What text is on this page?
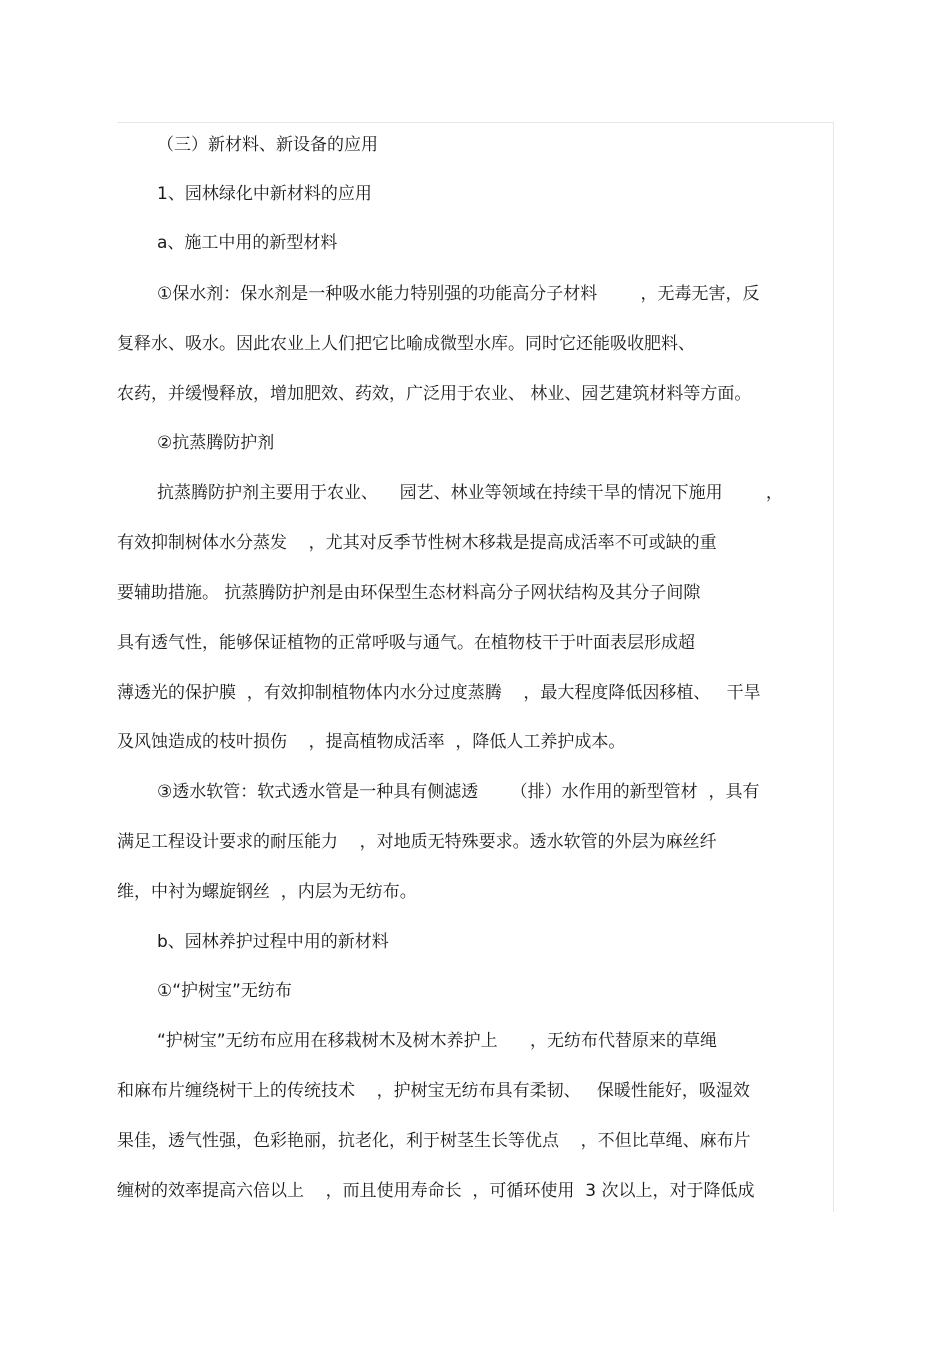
（三）新材料、新设备的应用
1、园林绿化中新材料的应用
a、施工中用的新型材料
①保水剂：保水剂是一种吸水能力特别强的功能高分子材料        ，无毒无害，反
复释水、吸水。因此农业上人们把它比喻成微型水库。同时它还能吸收肥料、
农药，并缓慢释放，增加肥效、药效，广泛用于农业、 林业、园艺建筑材料等方面。
②抗蒸腾防护剂
抗蒸腾防护剂主要用于农业、    园艺、林业等领域在持续干旱的情况下施用        ，
有效抑制树体水分蒸发    ，尤其对反季节性树木移栽是提高成活率不可或缺的重
要辅助措施。 抗蒸腾防护剂是由环保型生态材料高分子网状结构及其分子间隙
具有透气性，能够保证植物的正常呼吸与通气。在植物枝干于叶面表层形成超
薄透光的保护膜  ，有效抑制植物体内水分过度蒸腾    ，最大程度降低因移植、   干旱
及风蚀造成的枝叶损伤    ，提高植物成活率  ，降低人工养护成本。
③透水软管：软式透水管是一种具有侧滤透      （排）水作用的新型管材  ，具有
满足工程设计要求的耐压能力    ，对地质无特殊要求。透水软管的外层为麻丝纤
维，中衬为螺旋钢丝  ，内层为无纺布。
b、园林养护过程中用的新材料
①“护树宝”无纺布
“护树宝”无纺布应用在移栽树木及树木养护上      ，无纺布代替原来的草绳
和麻布片缠绕树干上的传统技术    ，护树宝无纺布具有柔韧、   保暖性能好，吸湿效
果佳，透气性强，色彩艳丽，抗老化，利于树茎生长等优点    ，不但比草绳、麻布片
缠树的效率提高六倍以上    ，而且使用寿命长  ，可循环使用  3 次以上，对于降低成
